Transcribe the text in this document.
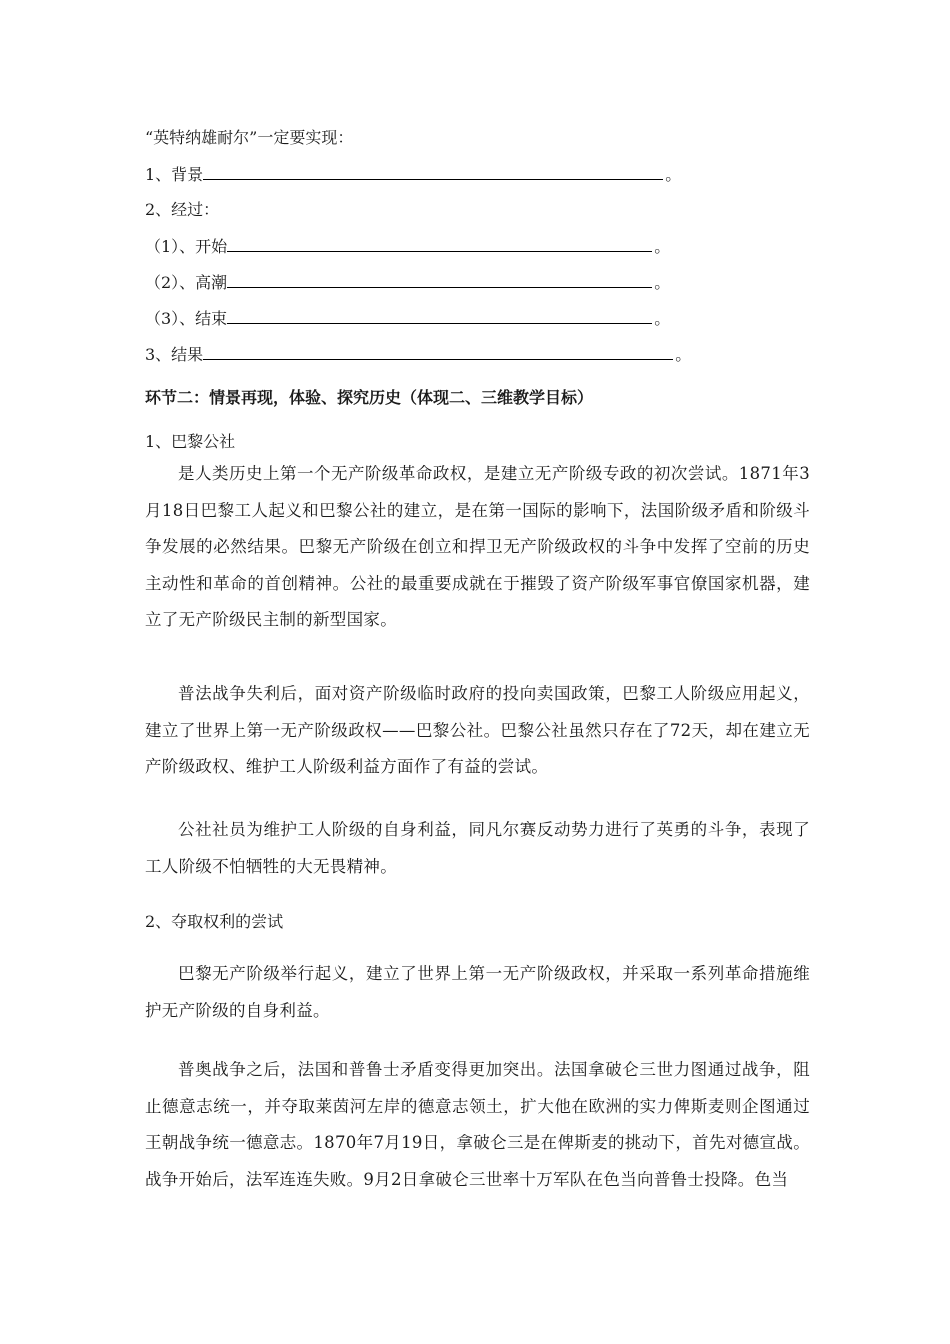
“英特纳雄耐尔”一定要实现：
1、背景	。
2、经过：
（1）、开始	。
（2）、高潮	。
（3）、结束	。
3、结果	。
环节二：情景再现，体验、探究历史（体现二、三维教学目标）
1、巴黎公社
是人类历史上第一个无产阶级革命政权，是建立无产阶级专政的初次尝试。1871年3月18日巴黎工人起义和巴黎公社的建立，是在第一国际的影响下，法国阶级矛盾和阶级斗争发展的必然结果。巴黎无产阶级在创立和捍卫无产阶级政权的斗争中发挥了空前的历史主动性和革命的首创精神。公社的最重要成就在于摧毁了资产阶级军事官僚国家机器，建立了无产阶级民主制的新型国家。
普法战争失利后，面对资产阶级临时政府的投向卖国政策，巴黎工人阶级应用起义，建立了世界上第一无产阶级政权——巴黎公社。巴黎公社虽然只存在了72天，却在建立无产阶级政权、维护工人阶级利益方面作了有益的尝试。
公社社员为维护工人阶级的自身利益，同凡尔赛反动势力进行了英勇的斗争，表现了工人阶级不怕牺牲的大无畏精神。
2、夺取权利的尝试
巴黎无产阶级举行起义，建立了世界上第一无产阶级政权，并采取一系列革命措施维护无产阶级的自身利益。
普奥战争之后，法国和普鲁士矛盾变得更加突出。法国拿破仑三世力图通过战争，阻止德意志统一，并夺取莱茵河左岸的德意志领土，扩大他在欧洲的实力俾斯麦则企图通过王朝战争统一德意志。1870年7月19日，拿破仑三是在俾斯麦的挑动下，首先对德宣战。战争开始后，法军连连失败。9月2日拿破仑三世率十万军队在色当向普鲁士投降。色当
